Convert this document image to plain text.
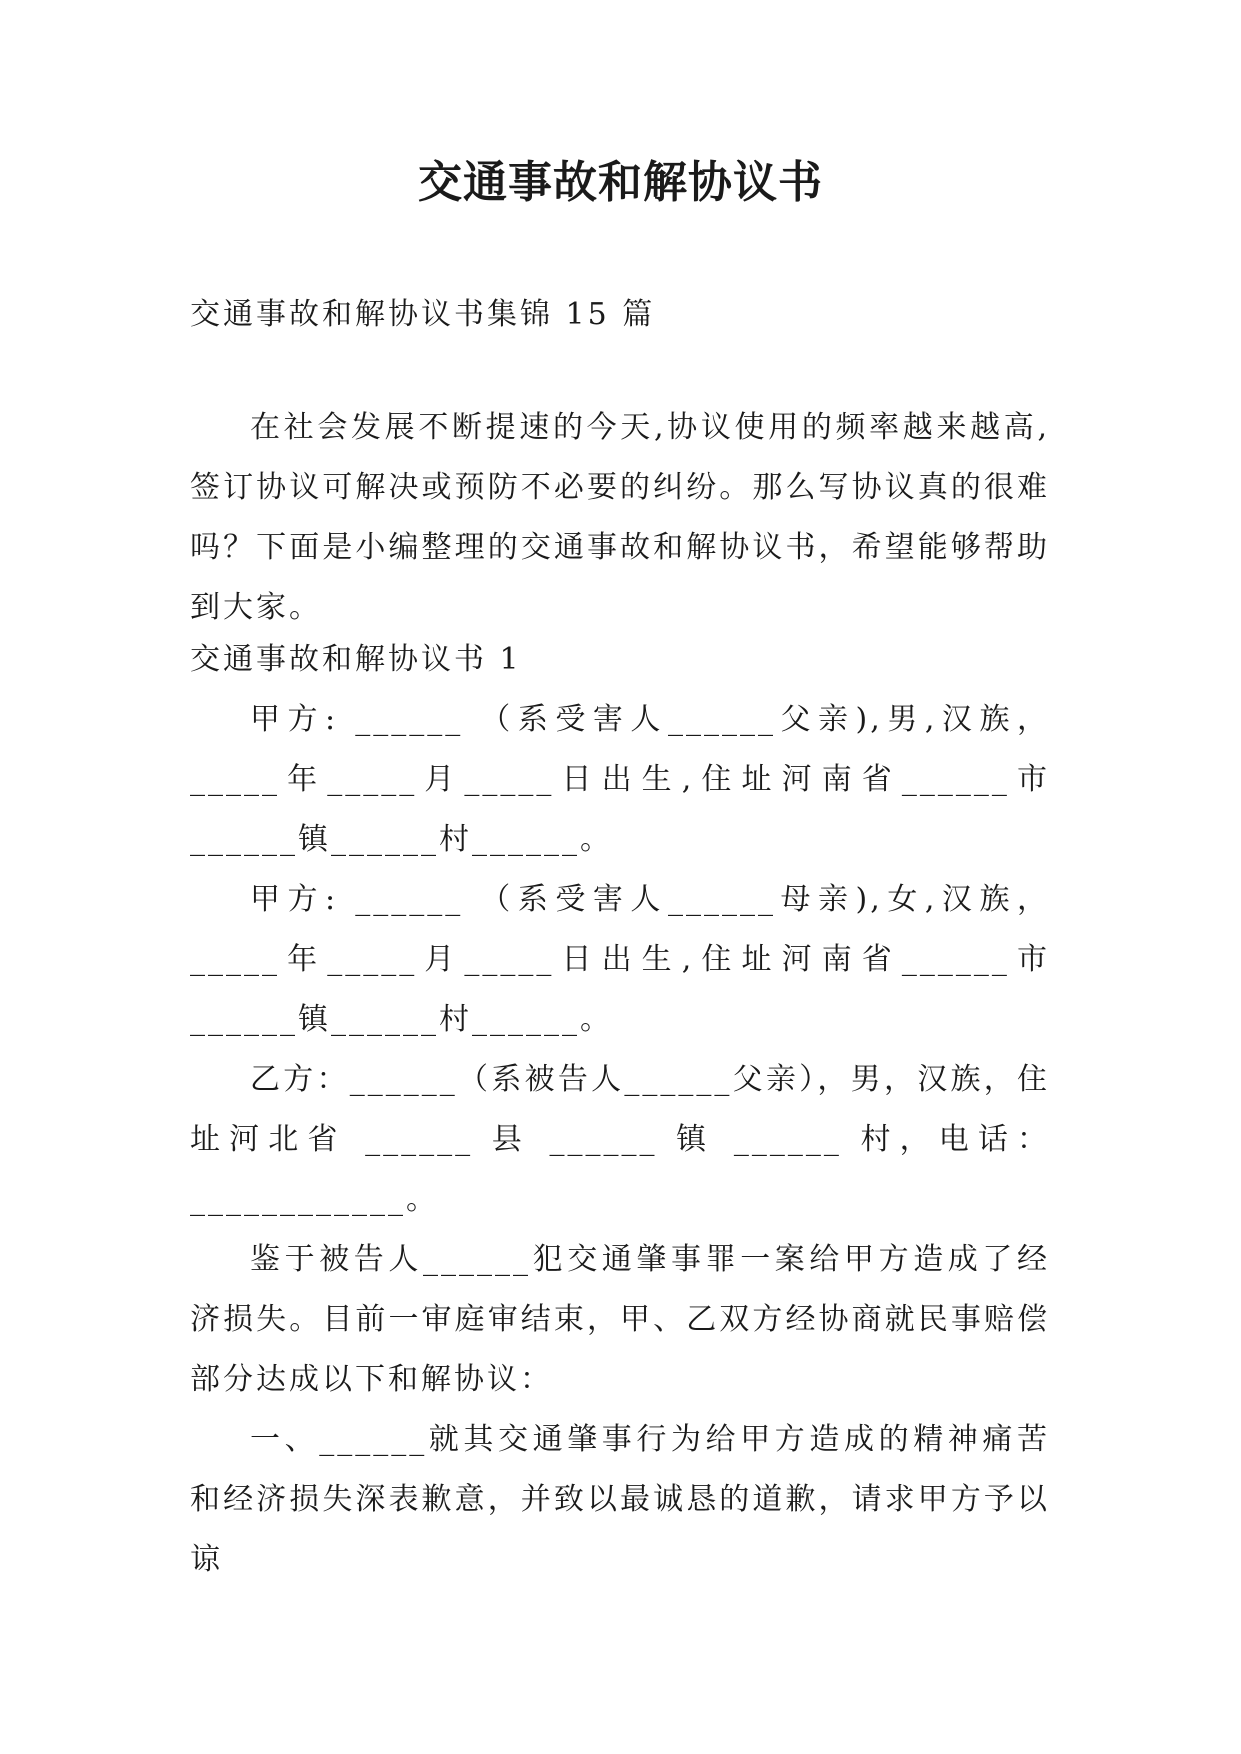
交通事故和解协议书

交通事故和解协议书集锦 15 篇

在社会发展不断提速的今天,协议使用的频率越来越高,签订协议可解决或预防不必要的纠纷。那么写协议真的很难吗？下面是小编整理的交通事故和解协议书，希望能够帮助到大家。

交通事故和解协议书 1

甲方: ______ （系受害人______父亲),男,汉族， _____年_____月_____日出生,住址河南省______市______镇______村______。

甲方: ______ （系受害人______母亲),女,汉族， _____年_____月_____日出生,住址河南省______市______镇______村______。

乙方：______（系被告人______父亲），男，汉族，住址河北省 ______ 县 ______ 镇 ______ 村，电话：____________。

鉴于被告人______犯交通肇事罪一案给甲方造成了经济损失。目前一审庭审结束，甲、乙双方经协商就民事赔偿部分达成以下和解协议：

一、______就其交通肇事行为给甲方造成的精神痛苦和经济损失深表歉意，并致以最诚恳的道歉，请求甲方予以谅
